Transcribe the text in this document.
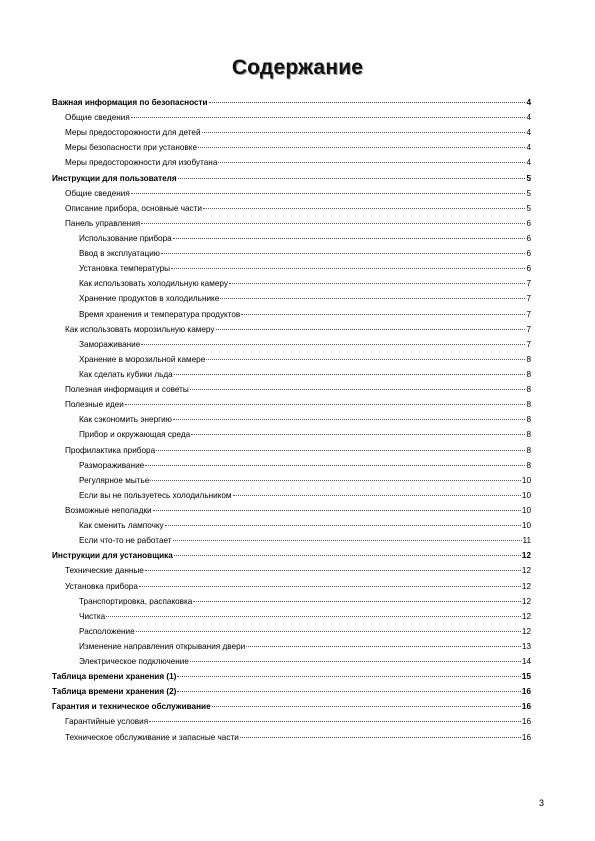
Содержание
Важная информация по безопасности	4
Общие сведения	4
Меры предосторожности для детей	4
Меры безопасности при установке	4
Меры предосторожности для изобутана	4
Инструкции для пользователя	5
Общие сведения	5
Описание прибора, основные части	5
Панель управления	6
Использование прибора	6
Ввод в эксплуатацию	6
Установка температуры	6
Как использовать холодильную камеру	7
Хранение продуктов в холодильнике	7
Время хранения и температура продуктов	7
Как использовать морозильную камеру	7
Замораживание	7
Хранение в морозильной камере	8
Как сделать кубики льда	8
Полезная информация и советы	8
Полезные идеи	8
Как сэкономить энергию	8
Прибор и окружающая среда	8
Профилактика прибора	8
Размораживание	8
Регулярное мытье	10
Если вы не пользуетесь холодильником	10
Возможные неполадки	10
Как сменить лампочку	10
Если что-то не работает	11
Инструкции для установщика	12
Технические данные	12
Установка прибора	12
Транспортировка, распаковка	12
Чистка	12
Расположение	12
Изменение направления открывания двери	13
Электрическое подключение	14
Таблица времени хранения (1)	15
Таблица времени хранения (2)	16
Гарантия и техническое обслуживание	16
Гарантийные условия	16
Техническое обслуживание и запасные части	16
3
